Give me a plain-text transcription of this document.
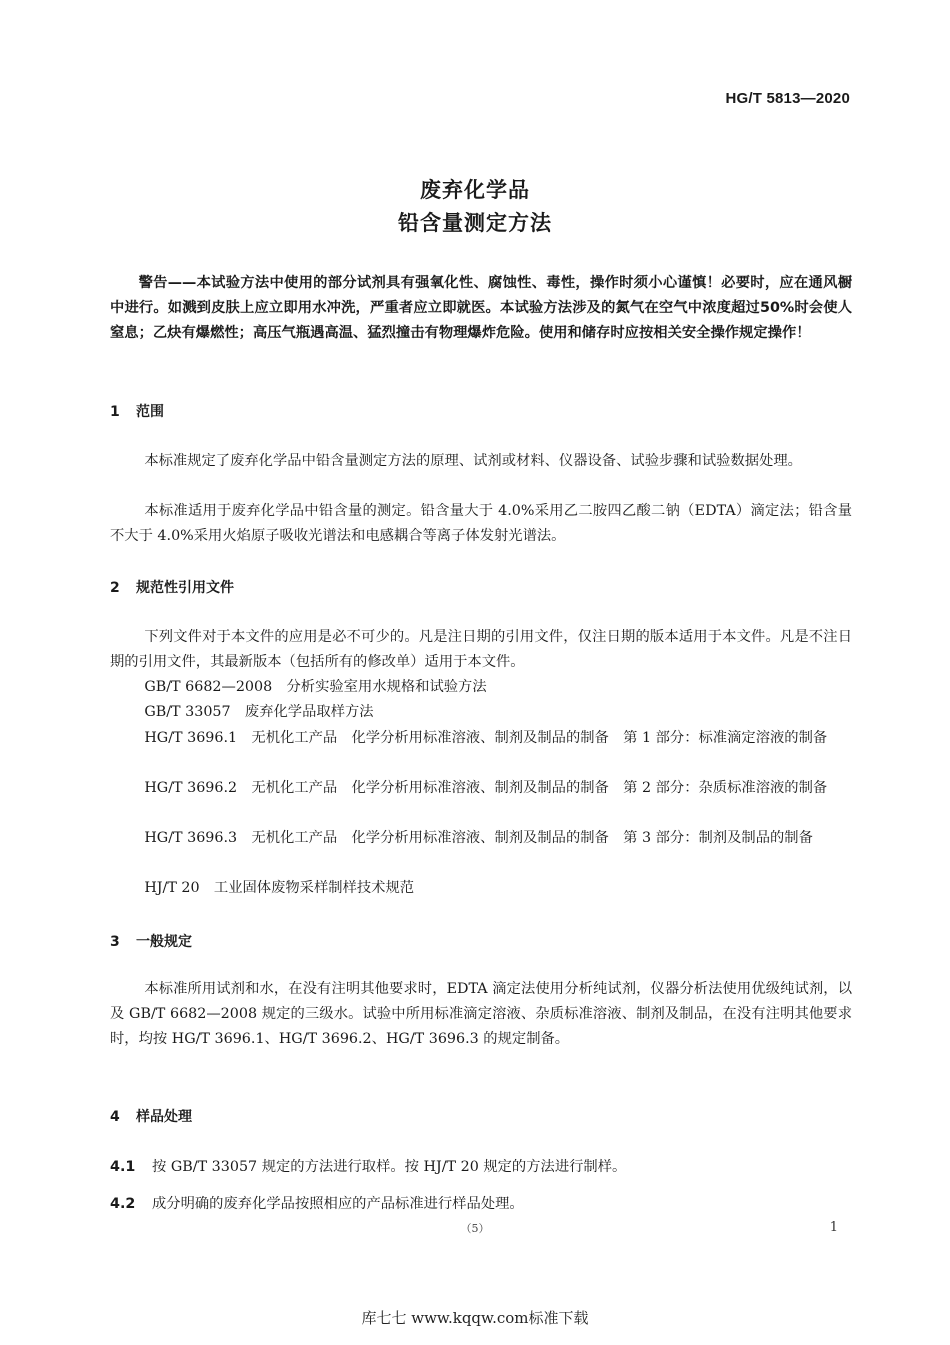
HG/T 5813—2020
废弃化学品
铅含量测定方法
警告——本试验方法中使用的部分试剂具有强氧化性、腐蚀性、毒性，操作时须小心谨慎！必要时，应在通风橱中进行。如溅到皮肤上应立即用水冲洗，严重者应立即就医。本试验方法涉及的氮气在空气中浓度超过50%时会使人窒息；乙炔有爆燃性；高压气瓶遇高温、猛烈撞击有物理爆炸危险。使用和储存时应按相关安全操作规定操作！
1 范围
本标准规定了废弃化学品中铅含量测定方法的原理、试剂或材料、仪器设备、试验步骤和试验数据处理。
本标准适用于废弃化学品中铅含量的测定。铅含量大于 4.0%采用乙二胺四乙酸二钠（EDTA）滴定法；铅含量不大于 4.0%采用火焰原子吸收光谱法和电感耦合等离子体发射光谱法。
2 规范性引用文件
下列文件对于本文件的应用是必不可少的。凡是注日期的引用文件，仅注日期的版本适用于本文件。凡是不注日期的引用文件，其最新版本（包括所有的修改单）适用于本文件。
GB/T 6682—2008　分析实验室用水规格和试验方法
GB/T 33057　废弃化学品取样方法
HG/T 3696.1　无机化工产品　化学分析用标准溶液、制剂及制品的制备　第 1 部分：标准滴定溶液的制备
HG/T 3696.2　无机化工产品　化学分析用标准溶液、制剂及制品的制备　第 2 部分：杂质标准溶液的制备
HG/T 3696.3　无机化工产品　化学分析用标准溶液、制剂及制品的制备　第 3 部分：制剂及制品的制备
HJ/T 20　工业固体废物采样制样技术规范
3 一般规定
本标准所用试剂和水，在没有注明其他要求时，EDTA 滴定法使用分析纯试剂，仪器分析法使用优级纯试剂，以及 GB/T 6682—2008 规定的三级水。试验中所用标准滴定溶液、杂质标准溶液、制剂及制品，在没有注明其他要求时，均按 HG/T 3696.1、HG/T 3696.2、HG/T 3696.3 的规定制备。
4 样品处理
4.1 按 GB/T 33057 规定的方法进行取样。按 HJ/T 20 规定的方法进行制样。
4.2 成分明确的废弃化学品按照相应的产品标准进行样品处理。
（5）	1
库七七 www.kqqw.com标准下载
